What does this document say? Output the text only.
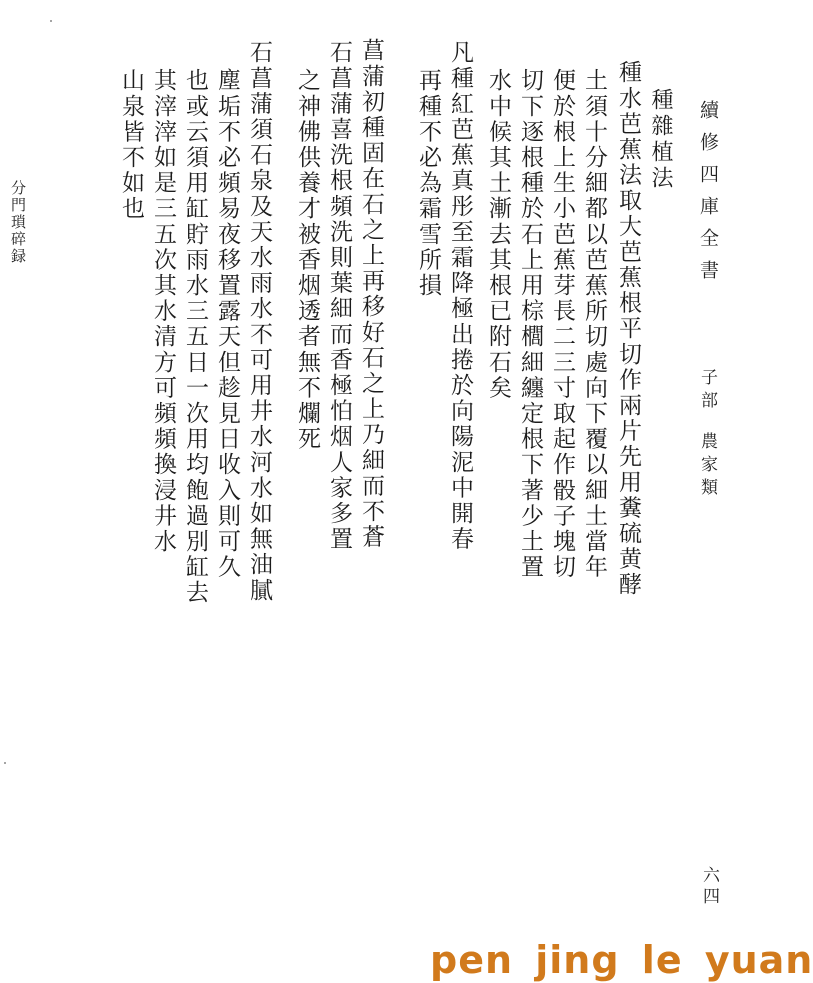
續修四庫全書
子部
農家類
六四
分門瑣碎録
種雜植法
種水芭蕉法取大芭蕉根平切作兩片先用糞硫黄酵
土須十分細都以芭蕉所切處向下覆以細土當年
便於根上生小芭蕉芽長二三寸取起作骰子塊切
切下逐根種於石上用棕櫚細纏定根下著少土置
水中候其土漸去其根已附石矣
凡種紅芭蕉真彤至霜降極出捲於向陽泥中開春
再種不必為霜雪所損
菖蒲初種固在石之上再移好石之上乃細而不蒼
石菖蒲喜洗根頻洗則葉細而香極怕烟人家多置
之神佛供養才被香烟透者無不爛死
石菖蒲須石泉及天水雨水不可用井水河水如無油膩
塵垢不必頻易夜移置露天但趁見日收入則可久
也或云須用缸貯雨水三五日一次用均飽過別缸去
其滓滓如是三五次其水清方可頻頻換浸井水
山泉皆不如也
pen jing le yuan
